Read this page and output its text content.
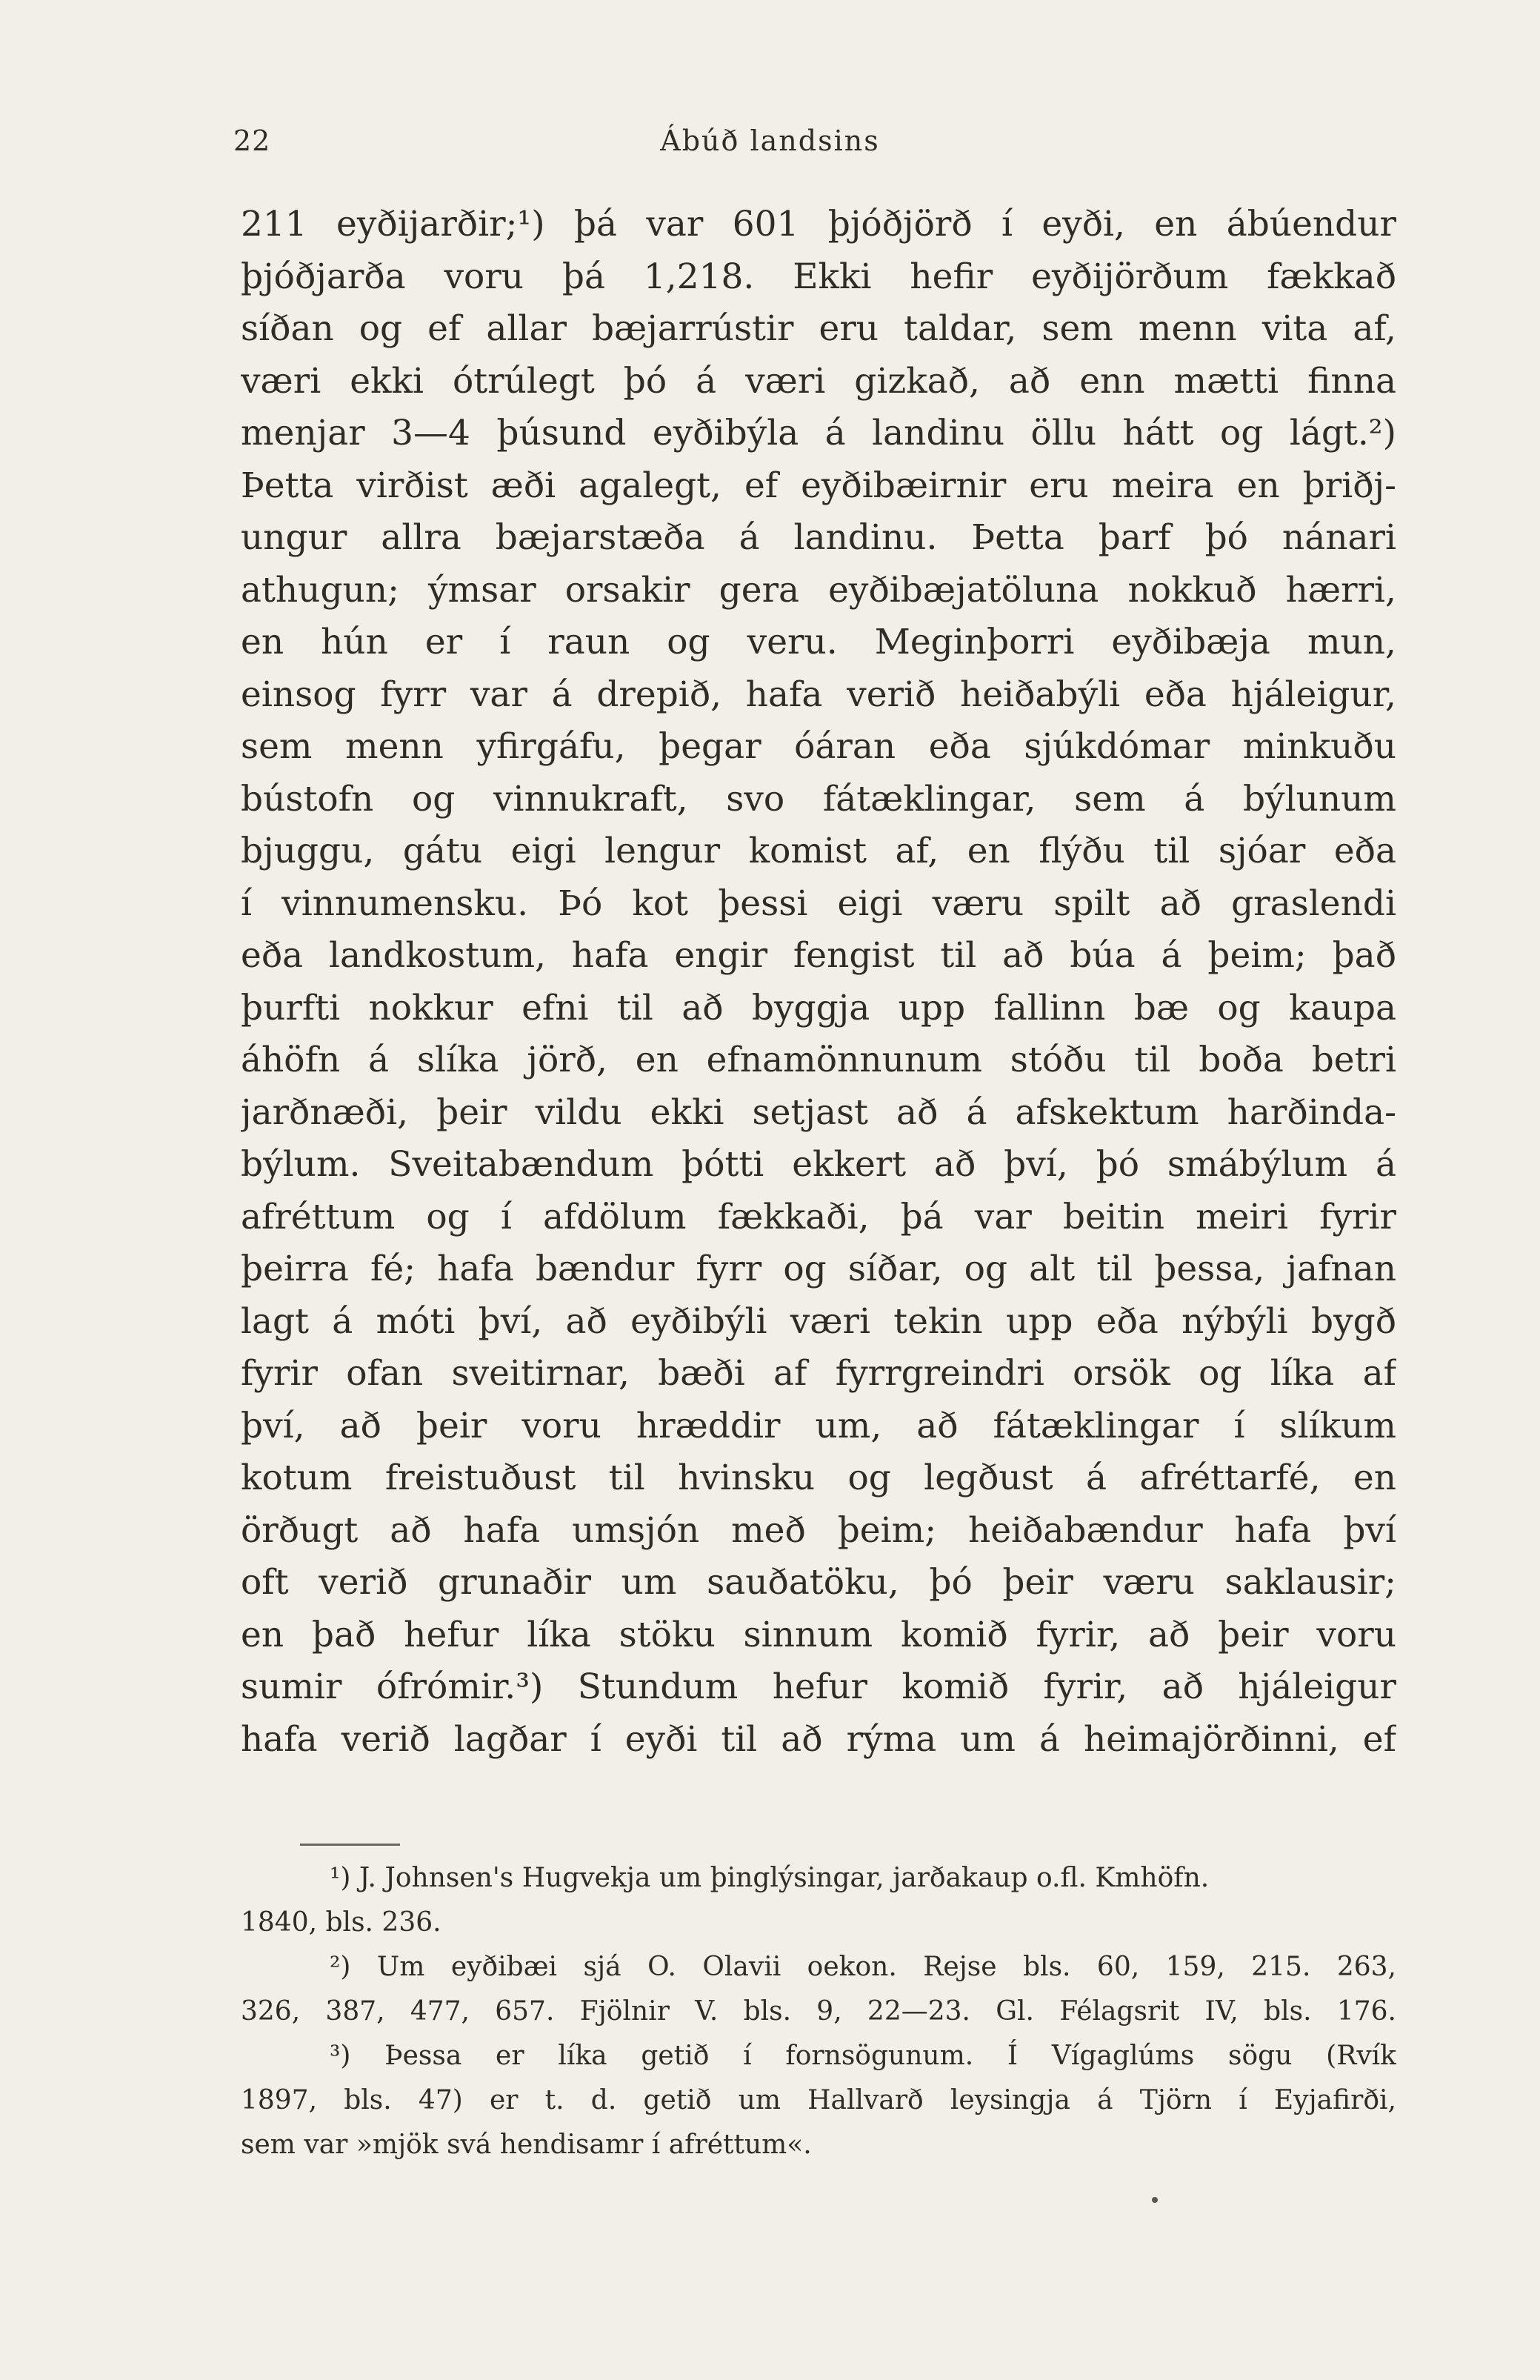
22	Ábúð landsins
211 eyðijarðir;¹) þá var 601 þjóðjörð í eyði, en ábúendur
þjóðjarða voru þá 1,218. Ekki hefir eyðijörðum fækkað
síðan og ef allar bæjarrústir eru taldar, sem menn vita af,
væri ekki ótrúlegt þó á væri gizkað, að enn mætti finna
menjar 3—4 þúsund eyðibýla á landinu öllu hátt og lágt.²)
Þetta virðist æði agalegt, ef eyðibæirnir eru meira en þriðj-
ungur allra bæjarstæða á landinu. Þetta þarf þó nánari
athugun; ýmsar orsakir gera eyðibæjatöluna nokkuð hærri,
en hún er í raun og veru. Meginþorri eyðibæja mun,
einsog fyrr var á drepið, hafa verið heiðabýli eða hjáleigur,
sem menn yfirgáfu, þegar óáran eða sjúkdómar minkuðu
bústofn og vinnukraft, svo fátæklingar, sem á býlunum
bjuggu, gátu eigi lengur komist af, en flýðu til sjóar eða
í vinnumensku. Þó kot þessi eigi væru spilt að graslendi
eða landkostum, hafa engir fengist til að búa á þeim; það
þurfti nokkur efni til að byggja upp fallinn bæ og kaupa
áhöfn á slíka jörð, en efnamönnunum stóðu til boða betri
jarðnæði, þeir vildu ekki setjast að á afskektum harðinda-
býlum. Sveitabændum þótti ekkert að því, þó smábýlum á
afréttum og í afdölum fækkaði, þá var beitin meiri fyrir
þeirra fé; hafa bændur fyrr og síðar, og alt til þessa, jafnan
lagt á móti því, að eyðibýli væri tekin upp eða nýbýli bygð
fyrir ofan sveitirnar, bæði af fyrrgreindri orsök og líka af
því, að þeir voru hræddir um, að fátæklingar í slíkum
kotum freistuðust til hvinsku og legðust á afréttarfé, en
örðugt að hafa umsjón með þeim; heiðabændur hafa því
oft verið grunaðir um sauðatöku, þó þeir væru saklausir;
en það hefur líka stöku sinnum komið fyrir, að þeir voru
sumir ófrómir.³) Stundum hefur komið fyrir, að hjáleigur
hafa verið lagðar í eyði til að rýma um á heimajörðinni, ef
¹) J. Johnsen's Hugvekja um þinglýsingar, jarðakaup o.fl. Kmhöfn.
1840, bls. 236.
²) Um eyðibæi sjá O. Olavii oekon. Rejse bls. 60, 159, 215. 263,
326, 387, 477, 657. Fjölnir V. bls. 9, 22—23. Gl. Félagsrit IV, bls. 176.
³) Þessa er líka getið í fornsögunum. Í Vígaglúms sögu (Rvík
1897, bls. 47) er t. d. getið um Hallvarð leysingja á Tjörn í Eyjafirði,
sem var »mjök svá hendisamr í afréttum«.
